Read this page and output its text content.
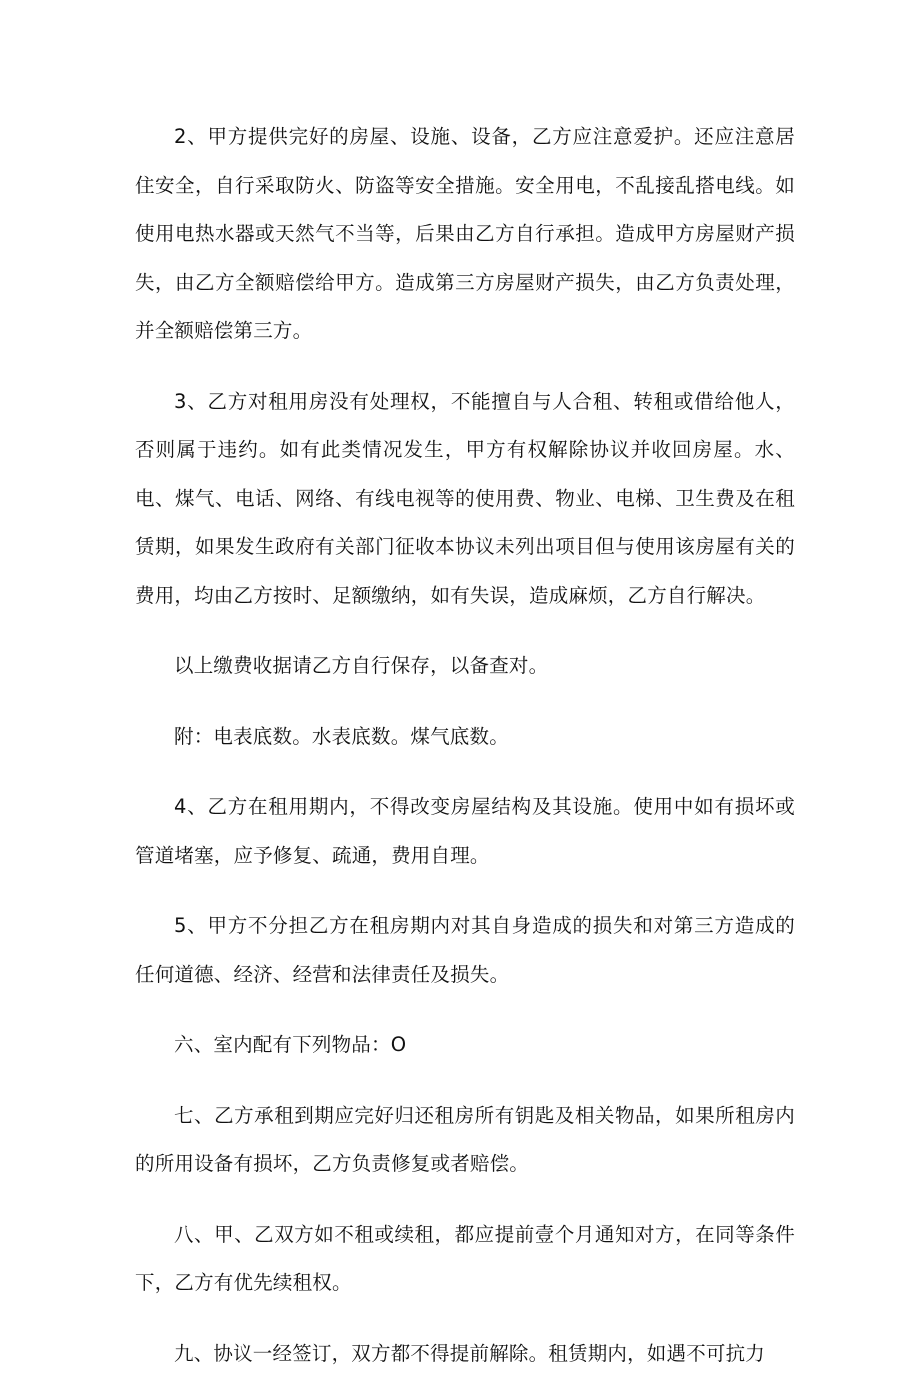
2、甲方提供完好的房屋、设施、设备，乙方应注意爱护。还应注意居住安全，自行采取防火、防盗等安全措施。安全用电，不乱接乱搭电线。如使用电热水器或天然气不当等，后果由乙方自行承担。造成甲方房屋财产损失，由乙方全额赔偿给甲方。造成第三方房屋财产损失，由乙方负责处理，并全额赔偿第三方。

3、乙方对租用房没有处理权，不能擅自与人合租、转租或借给他人，否则属于违约。如有此类情况发生，甲方有权解除协议并收回房屋。水、电、煤气、电话、网络、有线电视等的使用费、物业、电梯、卫生费及在租赁期，如果发生政府有关部门征收本协议未列出项目但与使用该房屋有关的费用，均由乙方按时、足额缴纳，如有失误，造成麻烦，乙方自行解决。

以上缴费收据请乙方自行保存，以备查对。

附：电表底数。水表底数。煤气底数。

4、乙方在租用期内，不得改变房屋结构及其设施。使用中如有损坏或管道堵塞，应予修复、疏通，费用自理。

5、甲方不分担乙方在租房期内对其自身造成的损失和对第三方造成的任何道德、经济、经营和法律责任及损失。

六、室内配有下列物品：O

七、乙方承租到期应完好归还租房所有钥匙及相关物品，如果所租房内的所用设备有损坏，乙方负责修复或者赔偿。

八、甲、乙双方如不租或续租，都应提前壹个月通知对方，在同等条件下，乙方有优先续租权。

九、协议一经签订，双方都不得提前解除。租赁期内，如遇不可抗力
